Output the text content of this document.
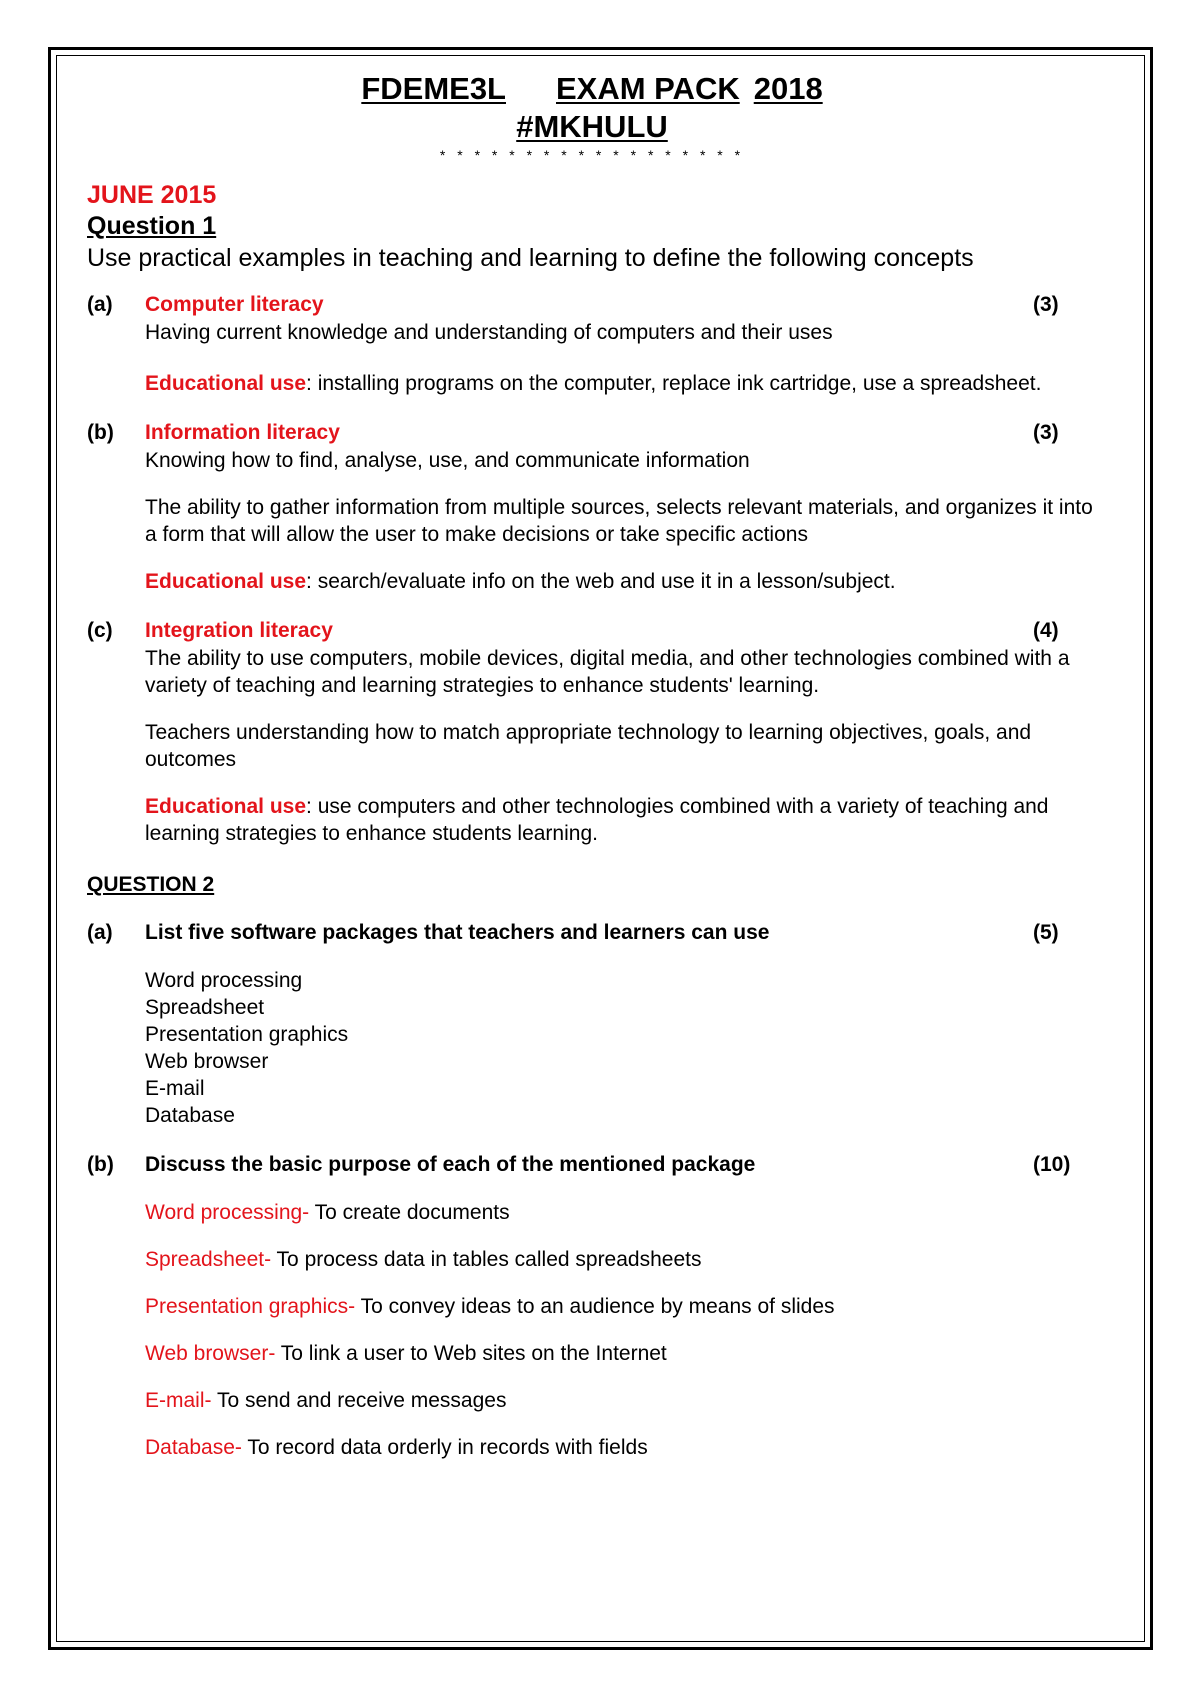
FDEME3L EXAM PACK 2018
#MKHULU
* * * * * * * * * * * * * * * * * *
JUNE 2015
Question 1
Use practical examples in teaching and learning to define the following concepts
(a) Computer literacy	(3)
Having current knowledge and understanding of computers and their uses
Educational use: installing programs on the computer, replace ink cartridge, use a spreadsheet.
(b) Information literacy	(3)
Knowing how to find, analyse, use, and communicate information
The ability to gather information from multiple sources, selects relevant materials, and organizes it into a form that will allow the user to make decisions or take specific actions
Educational use: search/evaluate info on the web and use it in a lesson/subject.
(c) Integration literacy	(4)
The ability to use computers, mobile devices, digital media, and other technologies combined with a variety of teaching and learning strategies to enhance students' learning.
Teachers understanding how to match appropriate technology to learning objectives, goals, and outcomes
Educational use: use computers and other technologies combined with a variety of teaching and learning strategies to enhance students learning.
QUESTION 2
(a) List five software packages that teachers and learners can use	(5)
Word processing
Spreadsheet
Presentation graphics
Web browser
E-mail
Database
(b) Discuss the basic purpose of each of the mentioned package	(10)
Word processing- To create documents
Spreadsheet- To process data in tables called spreadsheets
Presentation graphics- To convey ideas to an audience by means of slides
Web browser- To link a user to Web sites on the Internet
E-mail- To send and receive messages
Database- To record data orderly in records with fields
